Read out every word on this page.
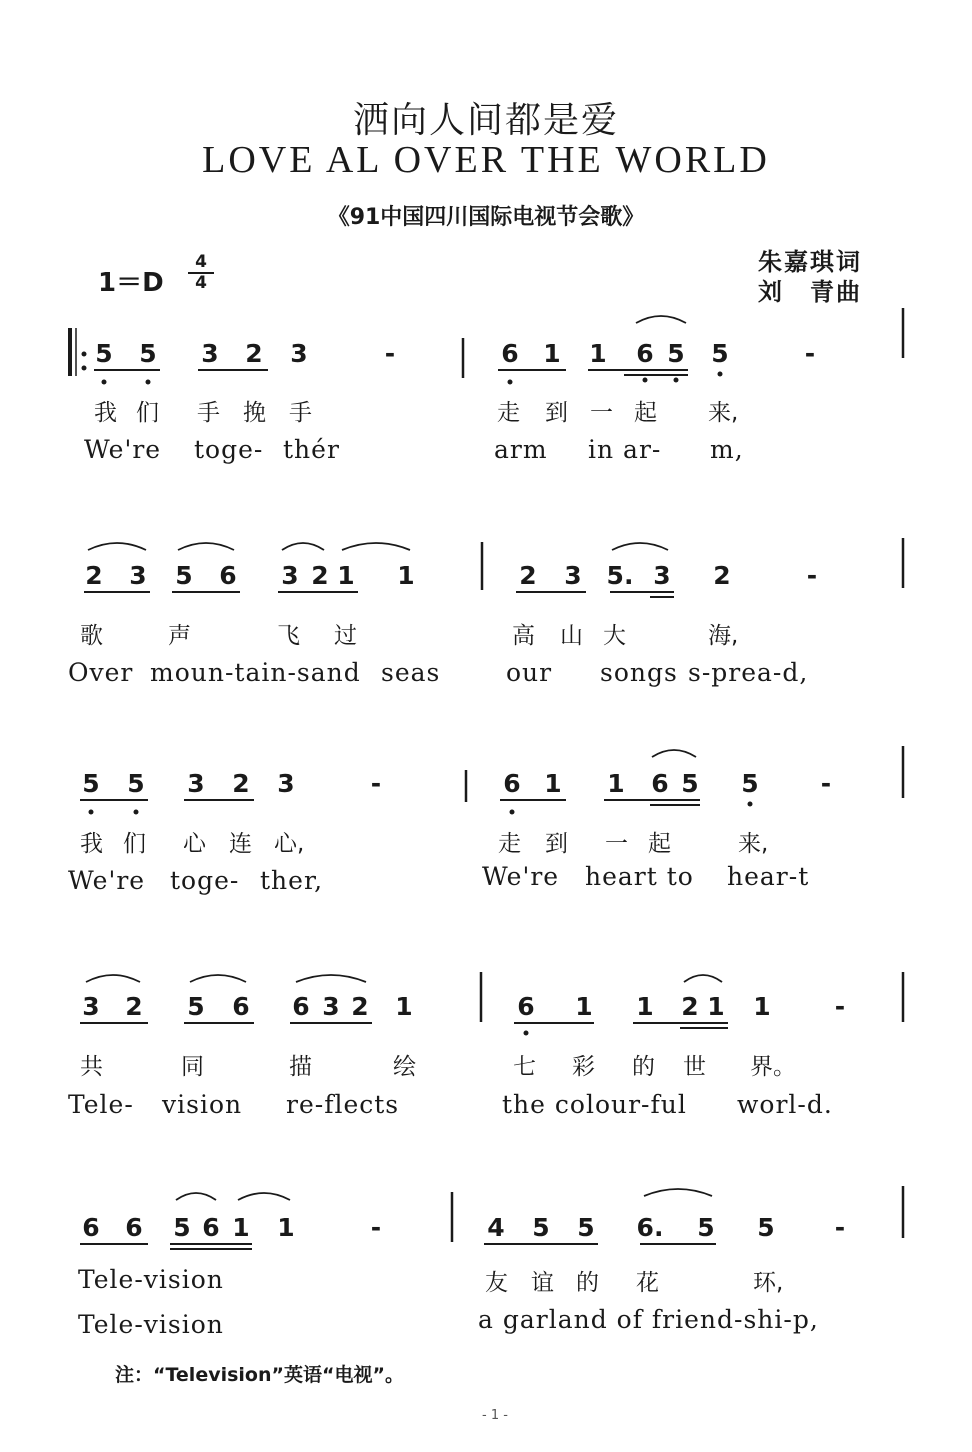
洒向人间都是爱
LOVE AL OVER THE WORLD
《91中国四川国际电视节会歌》
1＝D
4
4
朱嘉琪词
刘　青曲
5 5 3 2 3	-	6 1 1 6 5 5	-
2 3 5 6 3 2 1 1	2 3 5. 3 2	-
5 5 3 2 3	-	6 1 1 6 5 5 -
3 2 5 6 6 3 2 1	6 1 1 2 1 1	-
6 6 5 6 1 1	-	4 5 5 6. 5 5 -
我 们 手 挽 手	走 到 一 起 来,
We're toge- thér	arm in ar- m,
歌	声	飞 过	高 山 大	海,
Over moun-tain-sand seas	our songs s-prea-d,
我 们 心 连 心,	走 到 一 起	来,
We're toge- ther,	We're heart to hear-t
共	同	描	绘	七 彩 的 世 界。
Tele- vision re-flects	the colour-ful worl-d.
友 谊 的 花	环,
Tele-vision
Tele-vision	a garland of friend-shi-p,
注：“Television”英语“电视”。
- 1 -
